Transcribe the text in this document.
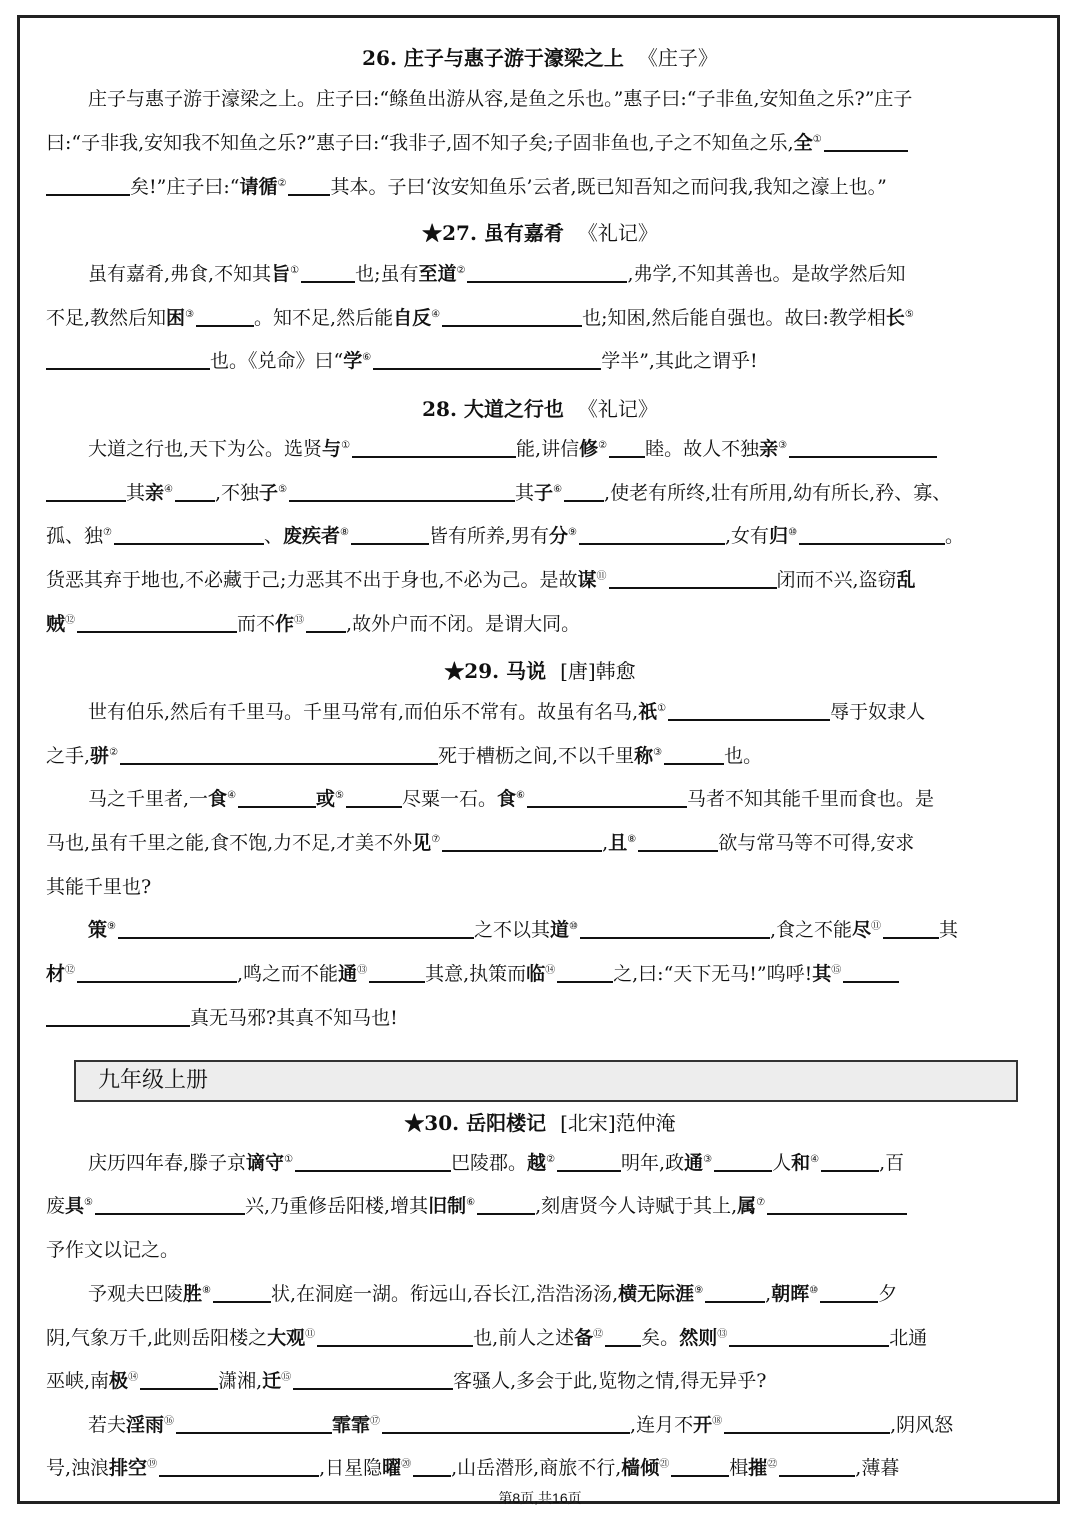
26. 庄子与惠子游于濠梁之上 《庄子》
庄子与惠子游于濠梁之上。庄子曰:“鲦鱼出游从容,是鱼之乐也。”惠子曰:“子非鱼,安知鱼之乐?”庄子
曰:“子非我,安知我不知鱼之乐?”惠子曰:“我非子,固不知子矣;子固非鱼也,子之不知鱼之乐,全①
矣!”庄子曰:“请循② 其本。子曰‘汝安知鱼乐’云者,既已知吾知之而问我,我知之濠上也。”
★27. 虽有嘉肴 《礼记》
虽有嘉肴,弗食,不知其旨①	也;虽有至道②	,弗学,不知其善也。是故学然后知
不足,教然后知困③	。知不足,然后能自反④	也;知困,然后能自强也。故曰:教学相长⑤
也。《兑命》曰“学⑥	学半”,其此之谓乎!
28. 大道之行也 《礼记》
大道之行也,天下为公。选贤与①	能,讲信修② 睦。故人不独亲③
其亲④ ,不独子⑤	其子⑥ ,使老有所终,壮有所用,幼有所长,矜、寡、
孤、独⑦	、废疾者⑧	皆有所养,男有分⑨	,女有归⑩	。
货恶其弃于地也,不必藏于己;力恶其不出于身也,不必为己。是故谋⑪	闭而不兴,盗窃乱
贼⑫	而不作⑬ ,故外户而不闭。是谓大同。
★29. 马说 [唐]韩愈
世有伯乐,然后有千里马。千里马常有,而伯乐不常有。故虽有名马,祇①	辱于奴隶人
之手,骈②	死于槽枥之间,不以千里称③	也。
马之千里者,一食④	或⑤	尽粟一石。食⑥	马者不知其能千里而食也。是
马也,虽有千里之能,食不饱,力不足,才美不外见⑦	,且⑧	欲与常马等不可得,安求
其能千里也?
策⑨	之不以其道⑩	,食之不能尽⑪	其
材⑫	,鸣之而不能通⑬	其意,执策而临⑭	之,曰:“天下无马!”呜呼!其⑮
真无马邪?其真不知马也!
九年级上册
★30. 岳阳楼记 [北宋]范仲淹
庆历四年春,滕子京谪守①	巴陵郡。越②	明年,政通③	人和④	,百
废具⑤	兴,乃重修岳阳楼,增其旧制⑥	,刻唐贤今人诗赋于其上,属⑦
予作文以记之。
予观夫巴陵胜⑧	状,在洞庭一湖。衔远山,吞长江,浩浩汤汤,横无际涯⑨	,朝晖⑩	夕
阴,气象万千,此则岳阳楼之大观⑪	也,前人之述备⑫ 矣。然则⑬	北通
巫峡,南极⑭	潇湘,迁⑮	客骚人,多会于此,览物之情,得无异乎?
若夫淫雨⑯	霏霏⑰	,连月不开⑱	,阴风怒
号,浊浪排空⑲	,日星隐曜⑳ ,山岳潜形,商旅不行,樯倾$^㉑$	楫摧$^㉒$	,薄暮
第8页,共16页
